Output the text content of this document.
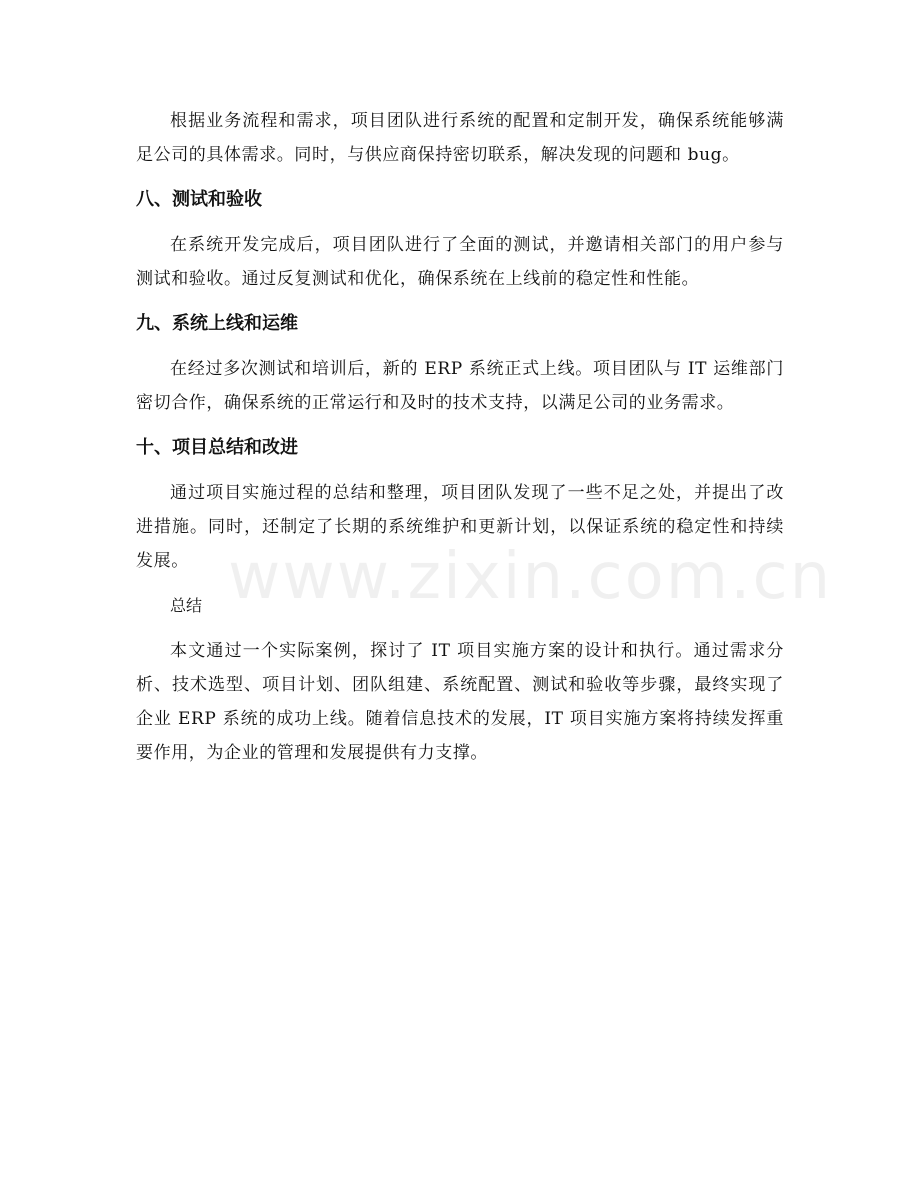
根据业务流程和需求，项目团队进行系统的配置和定制开发，确保系统能够满足公司的具体需求。同时，与供应商保持密切联系，解决发现的问题和 bug。

八、测试和验收

在系统开发完成后，项目团队进行了全面的测试，并邀请相关部门的用户参与测试和验收。通过反复测试和优化，确保系统在上线前的稳定性和性能。

九、系统上线和运维

在经过多次测试和培训后，新的 ERP 系统正式上线。项目团队与 IT 运维部门密切合作，确保系统的正常运行和及时的技术支持，以满足公司的业务需求。

十、项目总结和改进

通过项目实施过程的总结和整理，项目团队发现了一些不足之处，并提出了改进措施。同时，还制定了长期的系统维护和更新计划，以保证系统的稳定性和持续发展。

总结

本文通过一个实际案例，探讨了 IT 项目实施方案的设计和执行。通过需求分析、技术选型、项目计划、团队组建、系统配置、测试和验收等步骤，最终实现了企业 ERP 系统的成功上线。随着信息技术的发展，IT 项目实施方案将持续发挥重要作用，为企业的管理和发展提供有力支撑。

www.zixin.com.cn
